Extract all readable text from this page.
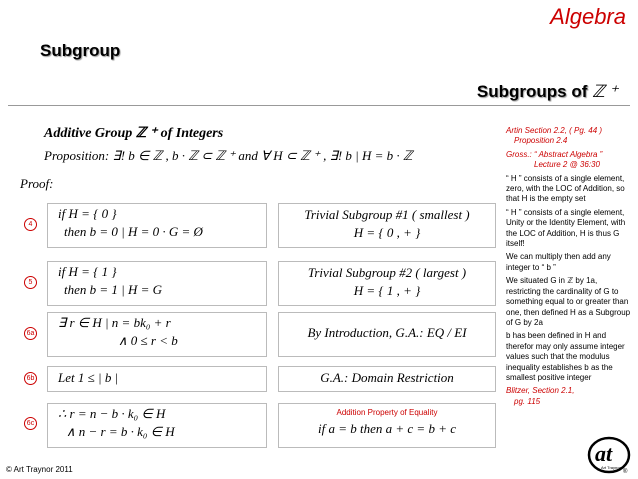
Algebra
Subgroup
Subgroups of ℤ ⁺
Additive Group ℤ ⁺ of Integers
Proposition: ∃! b ∈ ℤ , b · ℤ ⊂ ℤ ⁺ and ∀ H ⊂ ℤ ⁺ , ∃! b | H = b · ℤ
Proof:
4
if H = { 0 }
then b = 0 | H = 0 · G = Ø
Trivial Subgroup #1 ( smallest )
H = { 0 , + }
5
if H = { 1 }
then b = 1 | H = G
Trivial Subgroup #2 ( largest )
H = { 1 , + }
6a
∃ r ∈ H | n = bk₀ + r
∧ 0 ≤ r < b
By Introduction, G.A.: EQ / EI
6b	Let 1 ≤ | b |	G.A.: Domain Restriction
6c
∴ r = n − b · k₀ ∈ H
∧ n − r = b · k₀ ∈ H
Addition Property of Equality
if a = b then a + c = b + c

Artin Section 2.2, ( Pg. 44 )
Proposition 2.4

Gross.: “ Abstract Algebra ”
Lecture 2 @ 36:30

“ H ” consists of a single element, zero, with the LOC of Addition, so that H is the empty set

“ H ” consists of a single element, Unity or the Identity Element, with the LOC of Addition, H is thus G itself!

We can multiply then add any integer to “ b ”

We situated G in ℤ by 1a, restricting the cardinality of G to something equal to or greater than one, then defined H as a Subgroup of G by 2a

b has been defined in H and therefor may only assume integer values such that the modulus inequality establishes b as the smallest positive integer

Blitzer, Section 2.1,
pg. 115

© Art Traynor 2011
at
Art Traynor
®
